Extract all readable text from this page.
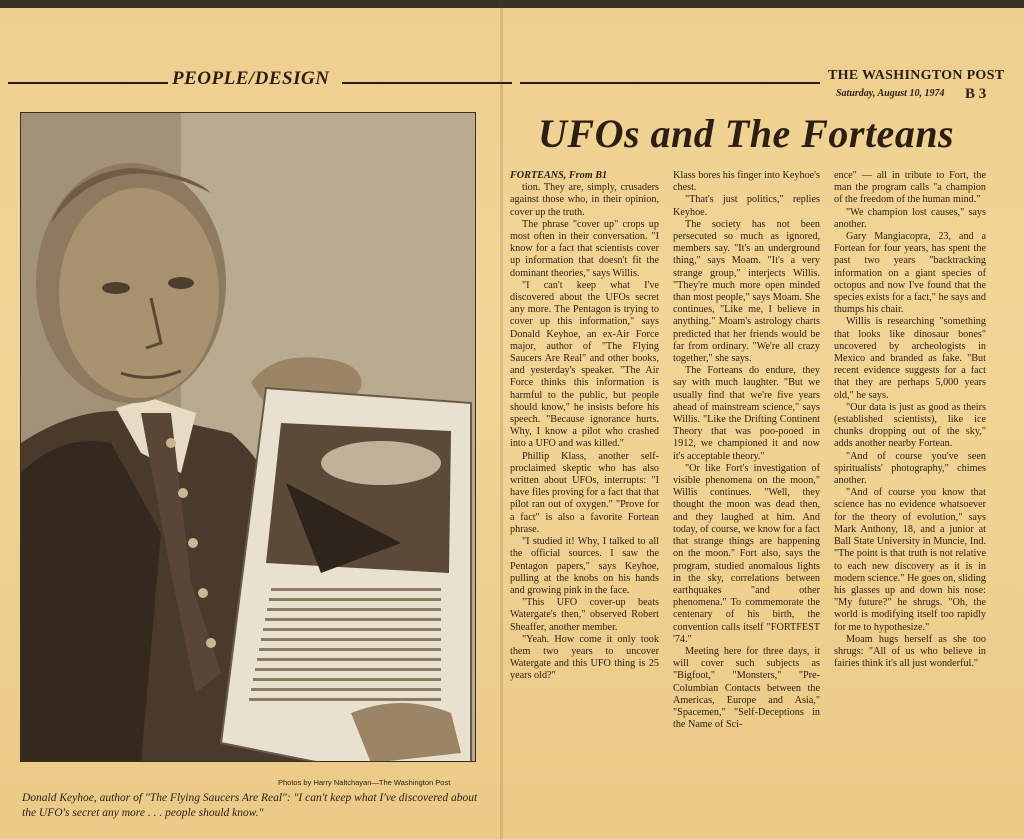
PEOPLE/DESIGN	THE WASHINGTON POST
Saturday, August 10, 1974 B 3
Photos by Harry Naltchayan—The Washington Post
Donald Keyhoe, author of "The Flying Saucers Are Real": "I can't keep what I've discovered about the UFO's secret any more . . . people should know."
UFOs and The Forteans

FORTEANS, From B1

tion. They are, simply, crusaders against those who, in their opinion, cover up the truth.

The phrase "cover up" crops up most often in their conversation. "I know for a fact that scientists cover up information that doesn't fit the dominant theories," says Willis.

"I can't keep what I've discovered about the UFOs secret any more. The Pentagon is trying to cover up this information," says Donald Keyhoe, an ex-Air Force major, author of "The Flying Saucers Are Real" and other books, and yesterday's speaker. "The Air Force thinks this information is harmful to the public, but people should know," he insists before his speech. "Because ignorance hurts. Why, I know a pilot who crashed into a UFO and was killed."

Phillip Klass, another self-proclaimed skeptic who has also written about UFOs, interrupts: "I have files proving for a fact that that pilot ran out of oxygen." "Prove for a fact" is also a favorite Fortean phrase.

"I studied it! Why, I talked to all the official sources. I saw the Pentagon papers," says Keyhoe, pulling at the knobs on his hands and growing pink in the face.

"This UFO cover-up beats Watergate's then," observed Robert Sheaffer, another member.

"Yeah. How come it only took them two years to uncover Watergate and this UFO thing is 25 years old?"

Klass bores his finger into Keyhoe's chest.

"That's just politics," replies Keyhoe.

The society has not been persecuted so much as ignored, members say. "It's an underground thing," says Moam. "It's a very strange group," interjects Willis. "They're much more open minded than most people," says Moam. She continues, "Like me, I believe in anything." Moam's astrology charts predicted that her friends would be far from ordinary. "We're all crazy together," she says.

The Forteans do endure, they say with much laughter. "But we usually find that we're five years ahead of mainstream science," says Willis. "Like the Drifting Continent Theory that was poo-pooed in 1912, we championed it and now it's acceptable theory."

"Or like Fort's investigation of visible phenomena on the moon," Willis continues. "Well, they thought the moon was dead then, and they laughed at him. And today, of course, we know for a fact that strange things are happening on the moon." Fort also, says the program, studied anomalous lights in the sky, correlations between earthquakes "and other phenomena." To commemorate the centenary of his birth, the convention calls itself "FORTFEST '74."

Meeting here for three days, it will cover such subjects as "Bigfoot," "Monsters," "Pre-Columbian Contacts between the Americas, Europe and Asia," "Spacemen," "Self-Deceptions in the Name of Sci-

ence" — all in tribute to Fort, the man the program calls "a champion of the freedom of the human mind."

"We champion lost causes," says another.

Gary Mangiacopra, 23, and a Fortean for four years, has spent the past two years "backtracking information on a giant species of octopus and now I've found that the species exists for a fact," he says and thumps his chair.

Willis is researching "something that looks like dinosaur bones" uncovered by archeologists in Mexico and branded as fake. "But recent evidence suggests for a fact that they are perhaps 5,000 years old," he says.

"Our data is just as good as theirs (established scientists), like ice chunks dropping out of the sky," adds another nearby Fortean.

"And of course you've seen spiritualists' photography," chimes another.

"And of course you know that science has no evidence whatsoever for the theory of evolution," says Mark Anthony, 18, and a junior at Ball State University in Muncie, Ind. "The point is that truth is not relative to each new discovery as it is in modern science." He goes on, sliding his glasses up and down his nose: "My future?" he shrugs. "Oh, the world is modifying itself too rapidly for me to hypothesize."

Moam hugs herself as she too shrugs: "All of us who believe in fairies think it's all just wonderful."
